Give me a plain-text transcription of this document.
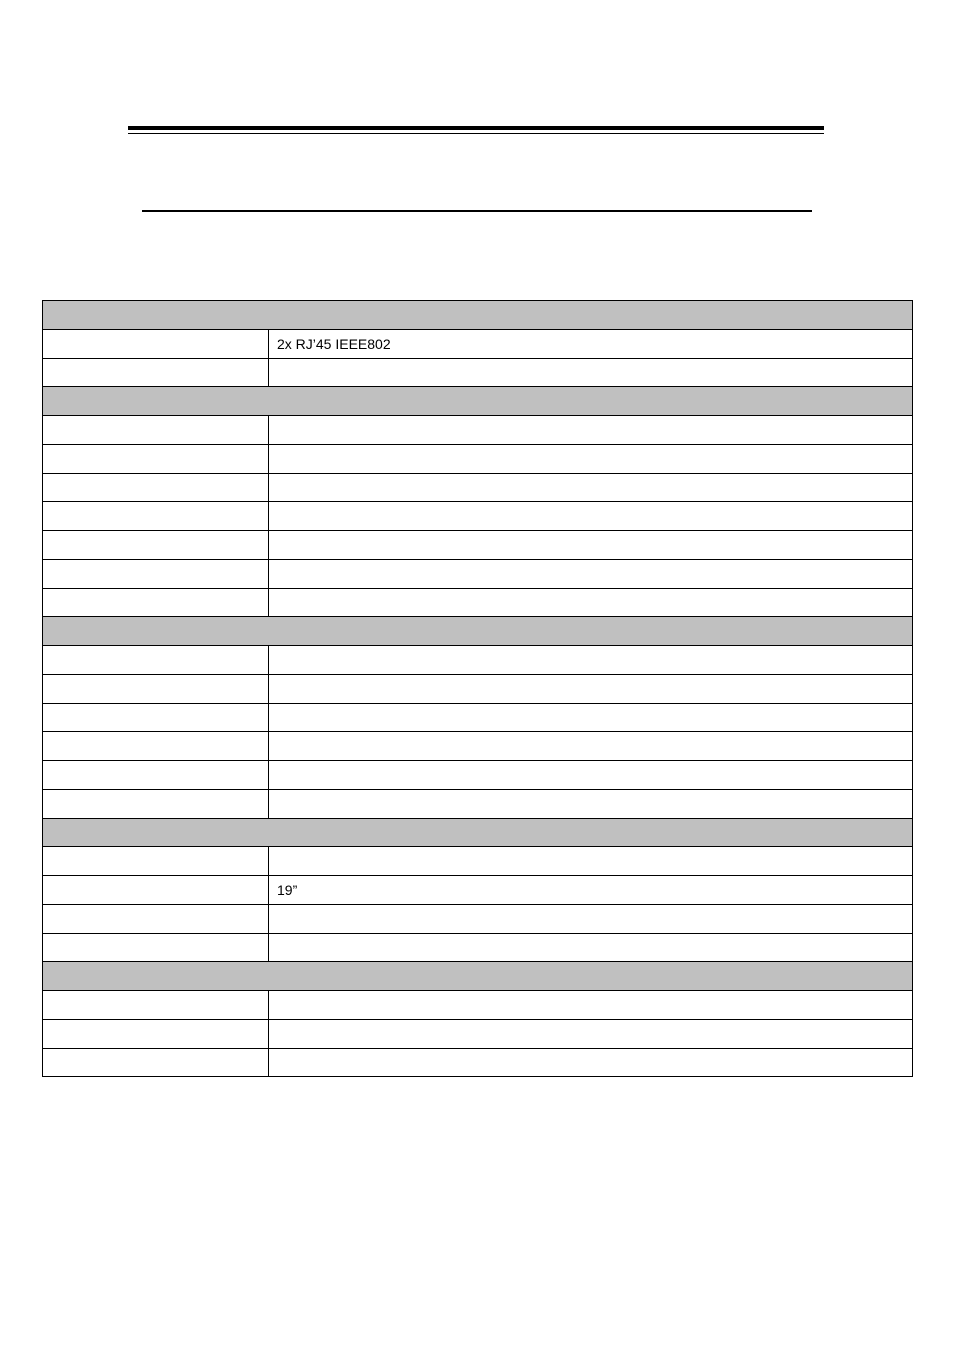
	2x RJ’45 IEEE802

	19”
